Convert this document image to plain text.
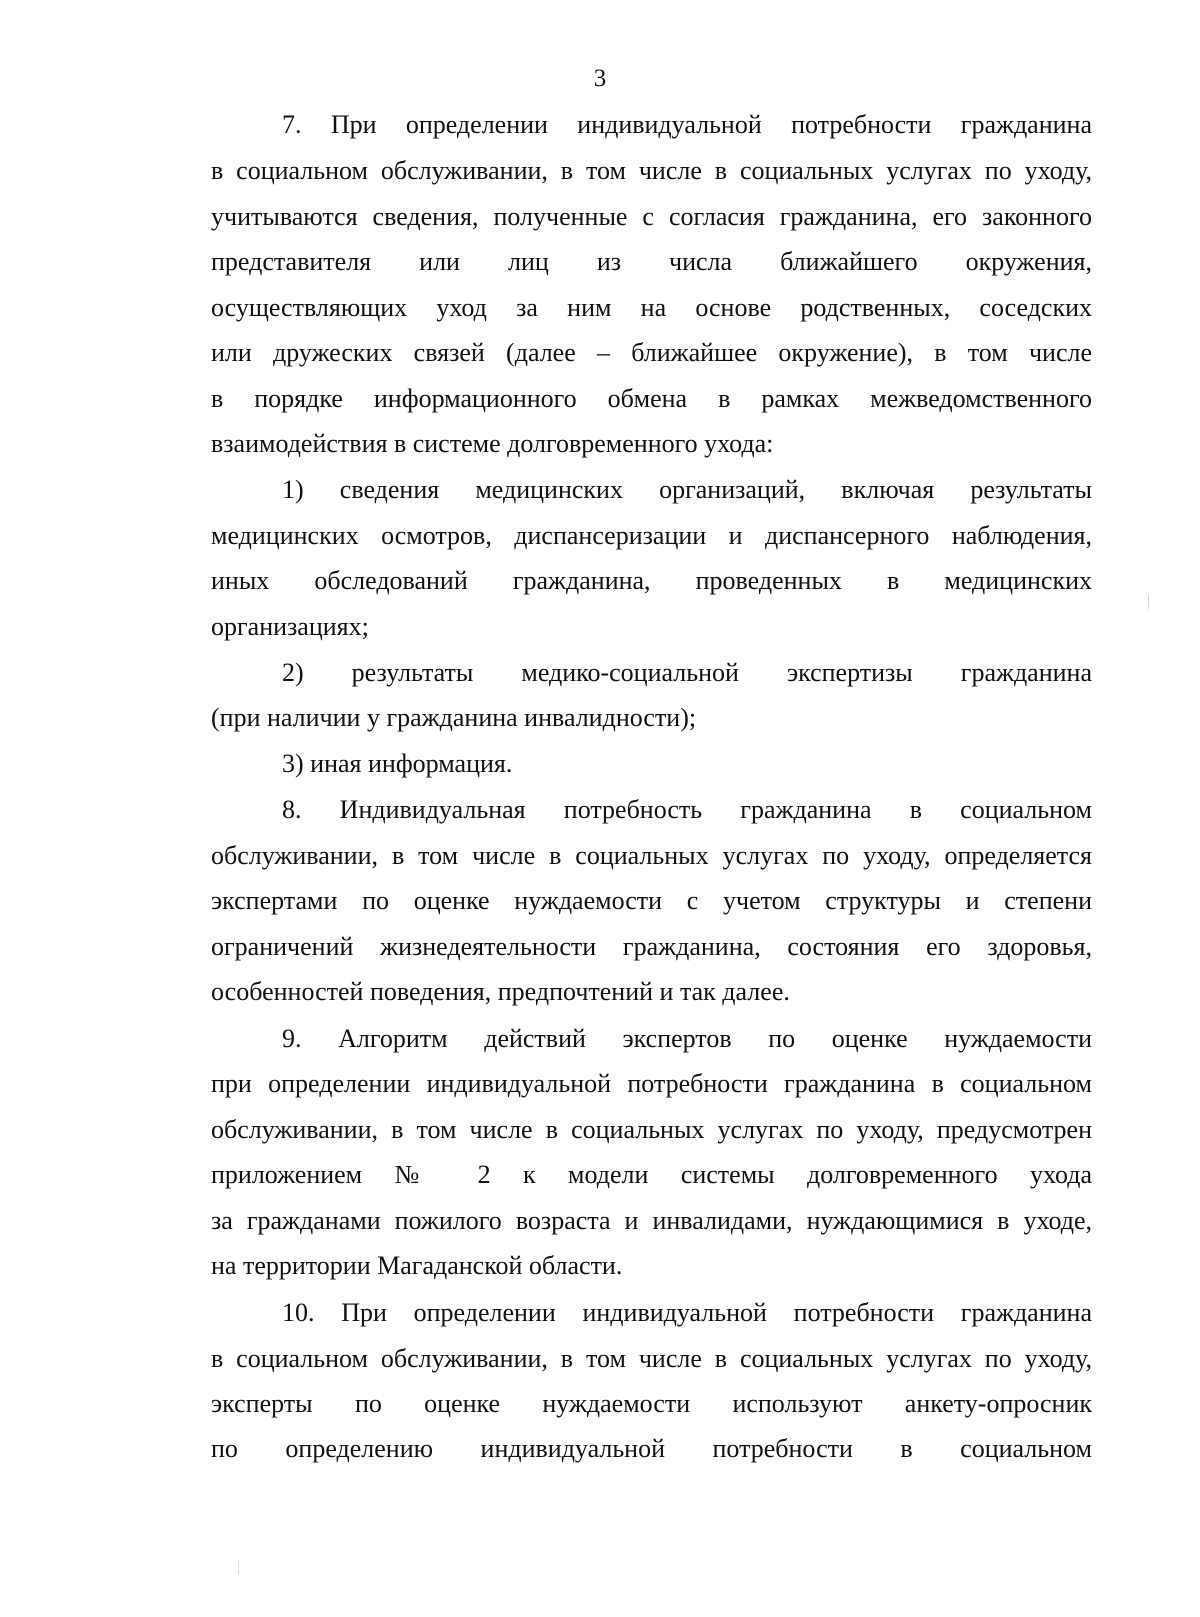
3
7. При определении индивидуальной потребности гражданина
в социальном обслуживании, в том числе в социальных услугах по уходу,
учитываются сведения, полученные с согласия гражданина, его законного
представителя или лиц из числа ближайшего окружения,
осуществляющих уход за ним на основе родственных, соседских
или дружеских связей (далее – ближайшее окружение), в том числе
в порядке информационного обмена в рамках межведомственного
взаимодействия в системе долговременного ухода:
1) сведения медицинских организаций, включая результаты
медицинских осмотров, диспансеризации и диспансерного наблюдения,
иных обследований гражданина, проведенных в медицинских
организациях;
2) результаты медико-социальной экспертизы гражданина
(при наличии у гражданина инвалидности);
3) иная информация.
8. Индивидуальная потребность гражданина в социальном
обслуживании, в том числе в социальных услугах по уходу, определяется
экспертами по оценке нуждаемости с учетом структуры и степени
ограничений жизнедеятельности гражданина, состояния его здоровья,
особенностей поведения, предпочтений и так далее.
9. Алгоритм действий экспертов по оценке нуждаемости
при определении индивидуальной потребности гражданина в социальном
обслуживании, в том числе в социальных услугах по уходу, предусмотрен
приложением № 2 к модели системы долговременного ухода
за гражданами пожилого возраста и инвалидами, нуждающимися в уходе,
на территории Магаданской области.
10. При определении индивидуальной потребности гражданина
в социальном обслуживании, в том числе в социальных услугах по уходу,
эксперты по оценке нуждаемости используют анкету-опросник
по определению индивидуальной потребности в социальном
